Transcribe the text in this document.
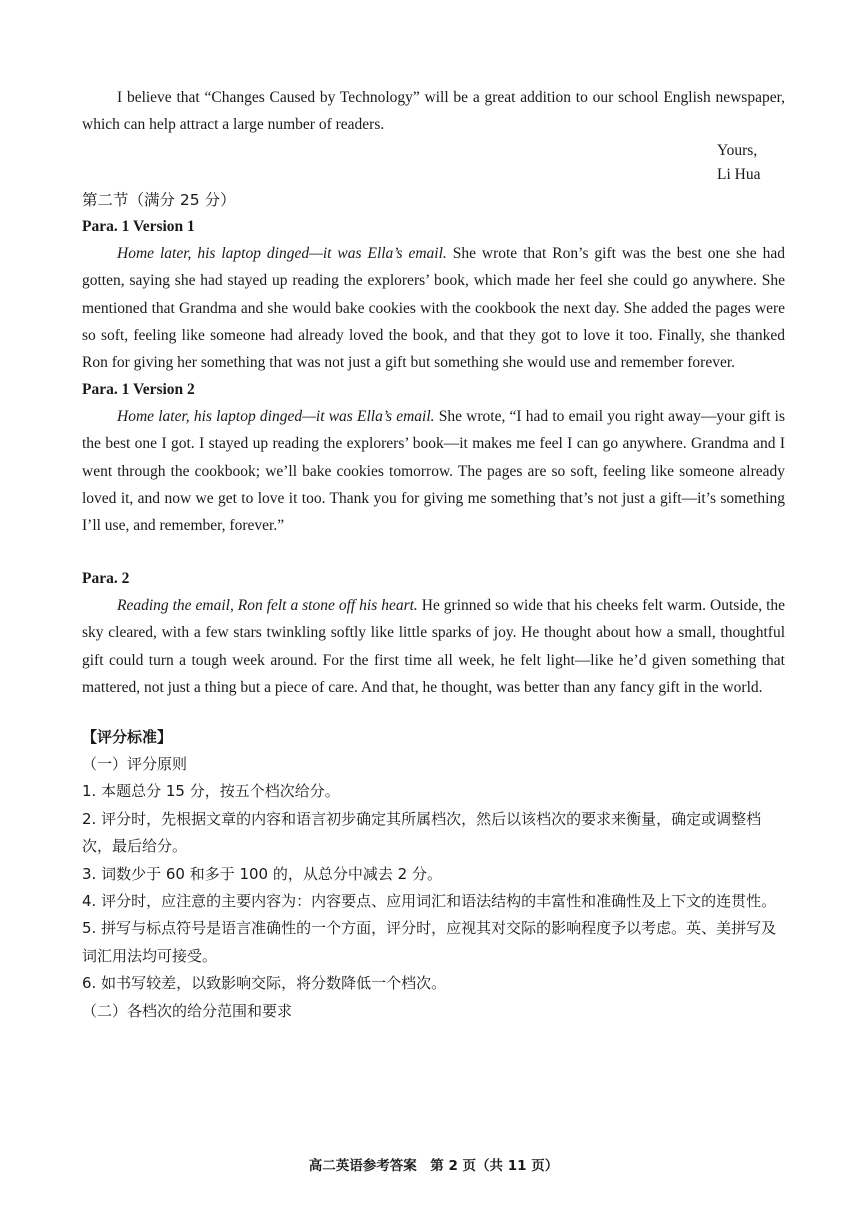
I believe that “Changes Caused by Technology” will be a great addition to our school English newspaper, which can help attract a large number of readers.

Yours,

Li Hua

第二节（满分 25 分）

Para. 1 Version 1

Home later, his laptop dinged—it was Ella’s email. She wrote that Ron’s gift was the best one she had gotten, saying she had stayed up reading the explorers’ book, which made her feel she could go anywhere. She mentioned that Grandma and she would bake cookies with the cookbook the next day. She added the pages were so soft, feeling like someone had already loved the book, and that they got to love it too. Finally, she thanked Ron for giving her something that was not just a gift but something she would use and remember forever.

Para. 1 Version 2

Home later, his laptop dinged—it was Ella’s email. She wrote, “I had to email you right away—your gift is the best one I got. I stayed up reading the explorers’ book—it makes me feel I can go anywhere. Grandma and I went through the cookbook; we’ll bake cookies tomorrow. The pages are so soft, feeling like someone already loved it, and now we get to love it too. Thank you for giving me something that’s not just a gift—it’s something I’ll use, and remember, forever.”

Para. 2

Reading the email, Ron felt a stone off his heart. He grinned so wide that his cheeks felt warm. Outside, the sky cleared, with a few stars twinkling softly like little sparks of joy. He thought about how a small, thoughtful gift could turn a tough week around. For the first time all week, he felt light—like he’d given something that mattered, not just a thing but a piece of care. And that, he thought, was better than any fancy gift in the world.

【评分标准】

（一）评分原则

1. 本题总分 15 分，按五个档次给分。

2. 评分时，先根据文章的内容和语言初步确定其所属档次，然后以该档次的要求来衡量，确定或调整档次，最后给分。

3. 词数少于 60 和多于 100 的，从总分中减去 2 分。

4. 评分时，应注意的主要内容为：内容要点、应用词汇和语法结构的丰富性和准确性及上下文的连贯性。

5. 拼写与标点符号是语言准确性的一个方面，评分时，应视其对交际的影响程度予以考虑。英、美拼写及词汇用法均可接受。

6. 如书写较差，以致影响交际，将分数降低一个档次。

（二）各档次的给分范围和要求

高二英语参考答案　第 2 页（共 11 页）
